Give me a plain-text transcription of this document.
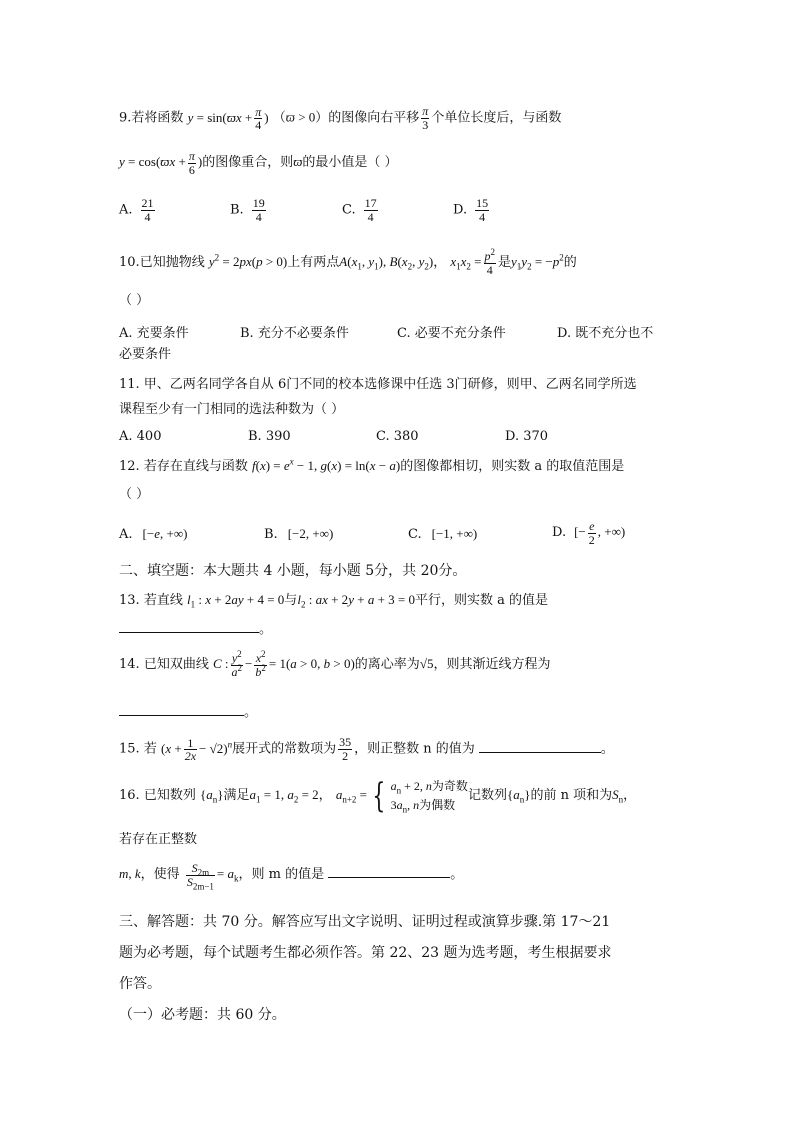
9.若将函数 $y = \sin(ϖx + \frac{\pi}{4}$ ) （ϖ > 0）的图像向右平移 $\frac{\pi}{3}$ 个单位长度后，与函数
$y = \cos(ϖx + \frac{\pi}{6}$ )的图像重合，则ϖ的最小值是（ ）
A. $\frac{21}{4}$	B. $\frac{19}{4}$	C. $\frac{17}{4}$	D. $\frac{15}{4}$
10.已知抛物线 $y^2 = 2px(p > 0)$上有两点$A(x_1$, $y_1$), $B(x_2$, $y_2$)， $x_1x_2 = \frac{p^2}{4}$ 是$y_1y_2 = -p^2$的
（ ）
A. 充要条件	B. 充分不必要条件	C. 必要不充分条件	D. 既不充分也不
必要条件
11. 甲、乙两名同学各自从 6门不同的校本选修课中任选 3门研修，则甲、乙两名同学所选
课程至少有一门相同的选法种数为（ ）
A. 400	B. 390	C. 380	D. 370
12. 若存在直线与函数 $f(x) = e^x - 1$, g(x) = ln(x − a)的图像都相切，则实数 a 的取值范围是
（ ）
A. [−e, +∞)	B. [−2, +∞)	C. [−1, +∞)	D. [− $\frac{e}{2}$ , +∞)
二、填空题：本大题共 4 小题，每小题 5分，共 20分。
13. 若直线 $l_1$ : x + 2ay + 4 = 0与$l_2$ : ax + 2y + a + 3 = 0平行，则实数 a 的值是
。
14. 已知双曲线 C : $\frac{y^2}{a^2} - \frac{x^2}{b^2} = 1(a > 0$, b > 0)的离心率为√5，则其渐近线方程为
。
15. 若 $(x + \frac{1}{2x} - √2)^n$展开式的常数项为 $\frac{35}{2}$ ，则正整数 n 的值为	。
16. 已知数列 $\{a_n\}$满足$a_1 = 1$, $a_2 = 2$， $a_{n+2}$ = { $a_n + 2$, n为奇数
$3a_n$, n为偶数
记数列$\{a_n\}$的前 n 项和为$S_n$，
若存在正整数
m, k，使得 $\frac{S_{2m}}{S_{2m-1}} = a_k$，则 m 的值是	。
三、解答题：共 70 分。解答应写出文字说明、证明过程或演算步骤.第 17～21
题为必考题，每个试题考生都必须作答。第 22、23 题为选考题，考生根据要求
作答。
（一）必考题：共 60 分。
